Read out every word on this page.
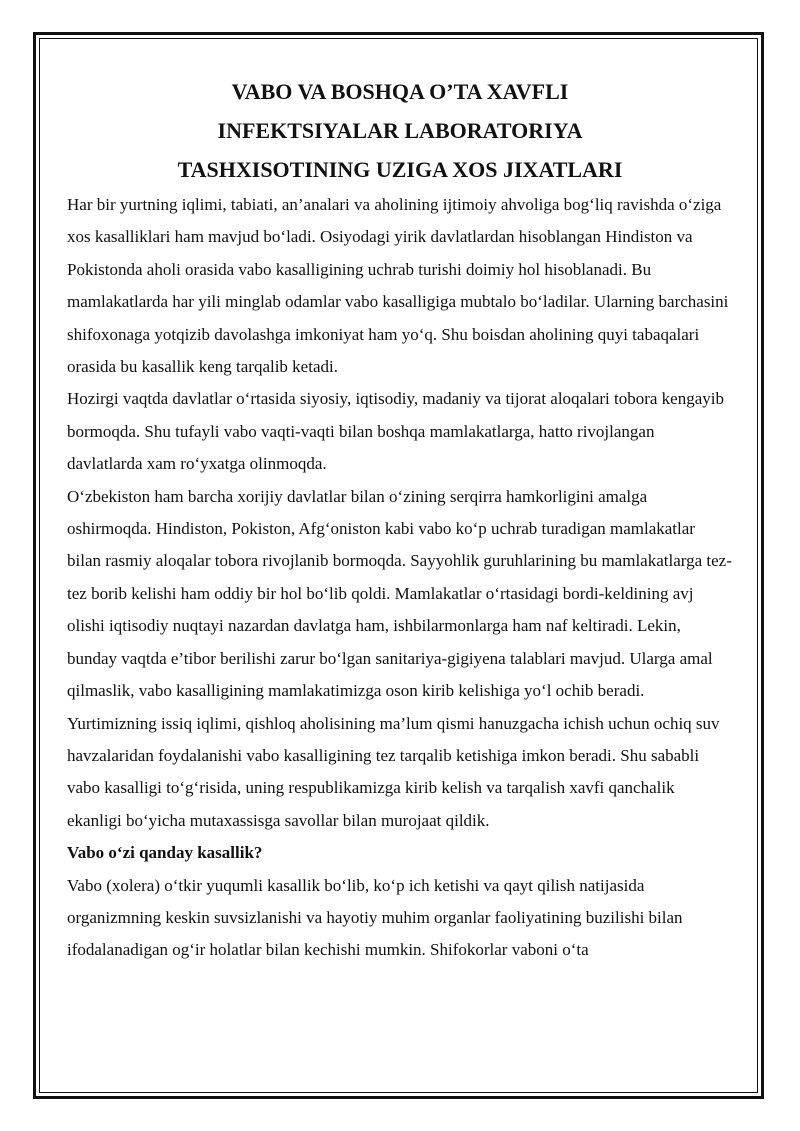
VABO VA BOSHQA O’TA XAVFLI
INFEKTSIYALAR LABORATORIYA
TASHXISOTINING UZIGA XOS JIXATLARI

Har bir yurtning iqlimi, tabiati, an’analari va aholining ijtimoiy ahvoliga bog‘liq ravishda o‘ziga xos kasalliklari ham mavjud bo‘ladi. Osiyodagi yirik davlatlardan hisoblangan Hindiston va Pokistonda aholi orasida vabo kasalligining uchrab turishi doimiy hol hisoblanadi. Bu mamlakatlarda har yili minglab odamlar vabo kasalligiga mubtalo bo‘ladilar. Ularning barchasini shifoxonaga yotqizib davolashga imkoniyat ham yo‘q. Shu boisdan aholining quyi tabaqalari orasida bu kasallik keng tarqalib ketadi.

Hozirgi vaqtda davlatlar o‘rtasida siyosiy, iqtisodiy, madaniy va tijorat aloqalari tobora kengayib bormoqda. Shu tufayli vabo vaqti-vaqti bilan boshqa mamlakatlarga, hatto rivojlangan davlatlarda xam ro‘yxatga olinmoqda.

O‘zbekiston ham barcha xorijiy davlatlar bilan o‘zining serqirra hamkorligini amalga oshirmoqda. Hindiston, Pokiston, Afg‘oniston kabi vabo ko‘p uchrab turadigan mamlakatlar bilan rasmiy aloqalar tobora rivojlanib bormoqda. Sayyohlik guruhlarining bu mamlakatlarga tez-tez borib kelishi ham oddiy bir hol bo‘lib qoldi. Mamlakatlar o‘rtasidagi bordi-keldining avj olishi iqtisodiy nuqtayi nazardan davlatga ham, ishbilarmonlarga ham naf keltiradi. Lekin, bunday vaqtda e’tibor berilishi zarur bo‘lgan sanitariya-gigiyena talablari mavjud. Ularga amal qilmaslik, vabo kasalligining mamlakatimizga oson kirib kelishiga yo‘l ochib beradi. Yurtimizning issiq iqlimi, qishloq aholisining ma’lum qismi hanuzgacha ichish uchun ochiq suv havzalaridan foydalanishi vabo kasalligining tez tarqalib ketishiga imkon beradi. Shu sababli vabo kasalligi to‘g‘risida, uning respublikamizga kirib kelish va tarqalish xavfi qanchalik ekanligi bo‘yicha mutaxassisga savollar bilan murojaat qildik.

Vabo o‘zi qanday kasallik?

Vabo (xolera) o‘tkir yuqumli kasallik bo‘lib, ko‘p ich ketishi va qayt qilish natijasida organizmning keskin suvsizlanishi va hayotiy muhim organlar faoliyatining buzilishi bilan ifodalanadigan og‘ir holatlar bilan kechishi mumkin. Shifokorlar vaboni o‘ta
